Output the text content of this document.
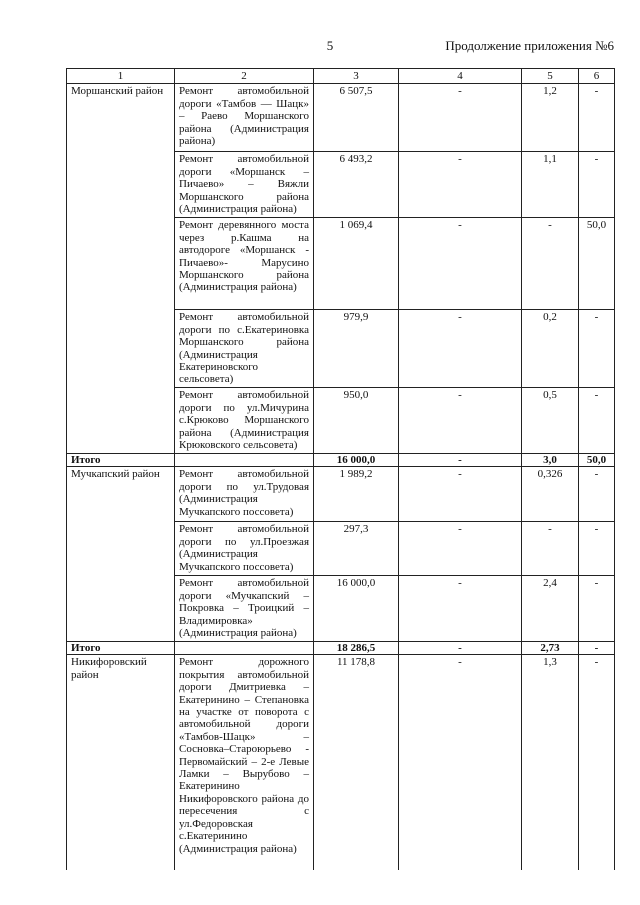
5	Продолжение приложения №6
1	2	3	4	5	6
Моршанский район	Ремонт автомобильной дороги «Тамбов — Шацк» – Раево Моршанского района (Администрация района)	6 507,5	-	1,2	-
	Ремонт автомобильной дороги «Моршанск – Пичаево» – Вяжли Моршанского района (Администрация района)	6 493,2	-	1,1	-
	Ремонт деревянного моста через р.Кашма на автодороге «Моршанск - Пичаево»- Марусино Моршанского района (Администрация района)	1 069,4	-	-	50,0
	Ремонт автомобильной дороги по с.Екатериновка Моршанского района (Администрация Екатериновского сельсовета)	979,9	-	0,2	-
	Ремонт автомобильной дороги по ул.Мичурина с.Крюково Моршанского района (Администрация Крюковского сельсовета)	950,0	-	0,5	-
Итого		16 000,0	-	3,0	50,0
Мучкапский район	Ремонт автомобильной дороги по ул.Трудовая (Администрация Мучкапского поссовета)	1 989,2	-	0,326	-
	Ремонт автомобильной дороги по ул.Проезжая (Администрация Мучкапского поссовета)	297,3	-	-	-
	Ремонт автомобильной дороги «Мучкапский – Покровка – Троицкий – Владимировка» (Администрация района)	16 000,0	-	2,4	-
Итого		18 286,5	-	2,73	-
Никифоровский район	Ремонт дорожного покрытия автомобильной дороги Дмитриевка – Екатеринино – Степановка на участке от поворота с автомобильной дороги «Тамбов-Шацк» – Сосновка–Староюрьево - Первомайский – 2-е Левые Ламки – Вырубово – Екатеринино Никифоровского района до пересечения с ул.Федоровская с.Екатеринино (Администрация района)	11 178,8	-	1,3	-
